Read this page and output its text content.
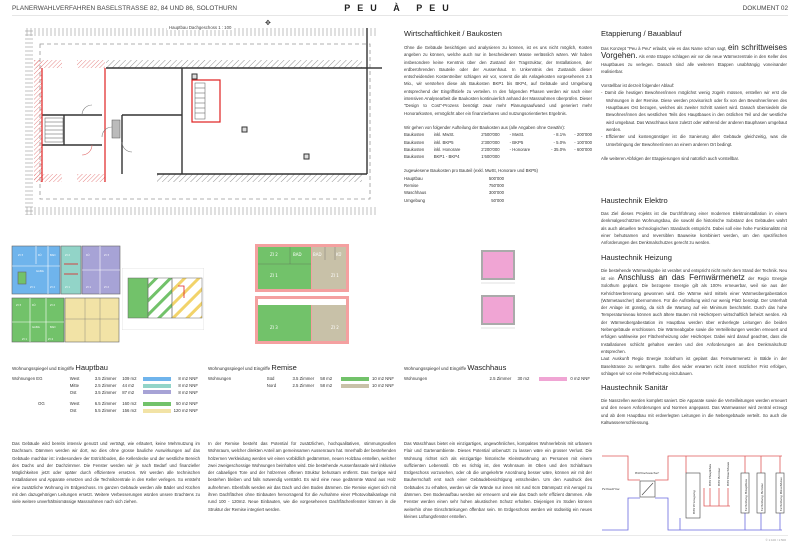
PLANERWAHLVERFAHREN BASELSTRASSE 82, 84 UND 86, SOLOTHURN	PEU À PEU	DOKUMENT 02
Hauptbau Dachgeschoss 1 : 100
✥
Wirtschaftlichkeit / Baukosten

Ohne die Gebäude besichtigen und analysieren zu können, ist es uns nicht möglich, Kosten angeben zu können, welche auch nur in bescheidenem Masse verlässlich wären. Wir haben insbesondere keine Kenntnis über den Zustand der Tragstruktur, der Installationen, der erdberührenden Bauteile oder der Aussenhaut. In Unkenntnis des Zustands dieser entscheidenden Kostentreiber schlagen wir vor, vorerst die als Anlagekosten vorgesehenen 2.5 Mio., wir verstehen diese als Baukosten BKP1 bis BKP4, auf Gebäude und Umgebung entsprechend der Eingriffstiefe zu verteilen. In den folgenden Phasen werden wir nach einer intensiven Analysearbeit die Baukosten kontinuierlich anhand der Massnahmen überprüfen. Dieser "Design to Cost"-Prozess benötigt zwar mehr Planungsaufwand und generiert mehr Honorarkosten, ermöglicht aber ein finanzierbares und nutzungsorientiertes Ergebnis.

Wir gehen von folgender Aufteilung der Baukosten aus (alle Angaben ohne Gewähr):

Baukosten	inkl. MwSt.	2'500'000	- MwSt.	- 8.1%	- 200'000
Baukosten	inkl. BKP5	2'300'000	- BKP5	- 5.0%	- 100'000
Baukosten	inkl. Honorare	2'200'000	- Honorare	- 35.0%	- 600'000
Baukosten	BKP1 - BKP4	1'600'000			

zugewiesene Baukosten pro Bauteil (exkl. MwSt, Honorare und BKP5)

Hauptbau	500'000
Remise	750'000
Waschhaus	300'000
Umgebung	50'000
Etappierung / Bauablauf

Das Konzept "Peu à Peu" erlaubt, wie es das Name schon sagt, ein schrittweises Vorgehen. Als erste Etappe schlagen wir vor die neue Wärmezentrale in den Keller des Hauptbaues zu verlegen. Danach sind alle weiteren Etappen unabhängig voneinander realisierbar.

Vorstellbar ist derzeit folgender Ablauf:

- Damit die heutigen Bewohner/innen möglichst wenig zügeln müssen, erstellen wir erst die Wohnungen in der Remise. Diese werden provisorisch oder fix von den Bewohner/innen des Hauptbaues Ost bezogen, welches als zweiter Schritt saniert wird. Danach übersiedeln die Bewohner/innen des westlichen Teils des Hauptbaues in den östlichen Teil und der westliche wird umgebaut. Das Waschhaus kann zuletzt oder während der anderen Bauphasen umgebaut werden.
- Effizienter und kostengünstiger ist die Sanierung aller Gebäude gleichzeitig, was die Unterbringung der Bewohner/innen an einem anderen Ort bedingt.

Alle weiteren Abfolgen der Etappierungen sind natürlich auch vorstellbar.

Haustechnik Elektro

Das Ziel dieses Projekts ist die Durchführung einer modernen Elektroinstallation in einem denkmalgeschützten Wohnungsbau, die sowohl die historische Substanz des Gebäudes wahrt als auch aktuellen technologischen Standards entspricht. Dabei soll eine hohe Funktionalität mit einer behutsamen und reversiblen Bauweise kombiniert werden, um den spezifischen Anforderungen des Denkmalschutzes gerecht zu werden.

Haustechnik Heizung

Die bestehende Wärmeabgabe ist veraltet und entspricht nicht mehr dem Stand der Technik. Neu ist ein Anschluss an das Fernwärmenetz der Regio Energie Solothurn geplant. Die bezogene Energie gilt als 100% erneuerbar, weil sie aus der Kehrichtverbrennung gewonnen wird. Die Wärme wird mittels einer Wärmeübergabestation (Wärmetauscher) übernommen. Für die Aufstellung wird nur wenig Platz benötigt. Der Unterhalt der Anlage ist günstig, da sich die Wartung auf ein Minimum beschränkt. Durch das hohe Temperaturniveau können auch ältere Bauten mit Heizkörpern wirtschaftlich beheizt werden. Ab der Wärmeübergabestation im Hauptbau werden über erdverlegte Leitungen die beiden Nebengebäude erschlossen. Die Wärmeabgabe sowie die Verteilleitungen werden erneuert und erfolgen wahlweise per Flächenheizung oder Heizkörper. Dabei wird darauf geachtet, dass die Installationen schlicht gehalten werden und den Anforderungen an den Denkmalschutz entsprechen.

Laut Auskunft Regio Energie Solothurn ist geplant das Fernwärmenetz in Bälde in der Baselstrasse zu verlängern. Sollte dies wider erwarten nicht innert nützlicher Frist erfolgen, schlagen wir vor eine Pelletheizung einzubauen.

Haustechnik Sanitär

Die Nasszellen werden komplett saniert. Die Apparate sowie die Verteilleitungen werden erneuert und den neuen Anforderungen und Normen angepasst. Das Warmwasser wird zentral erzeugt und ab dem Hauptbau mit erdverlegten Leitungen in die Nebengebäude verteilt. So auch die Kaltwassererschliessung.

Fernwärme
Wärmetauscher
WW Erzeugung
WW Hauptbau WW Remise WW Waschhaus
Verteilung Hauptbau	Verteilung Remise	Verteilung Waschhaus
ZI 3	KÜ	BAD
GANG
ZI 1	ZI 2
ZI 2
ZI 1
KÜ	ZI 3
ZI 1	ZI 2
ZI 3	KÜ	ZI 2
GANG	BAD
ZI 1	ZI 4
ZI 2	BAD	BAD	KÜ
ZI 1	ZI 1
ZI 3	ZI 2
Wohnungsspiegel und Eingriffe Hauptbau
Wohnungen EG	West	3.5 Zimmer	109 m2		8 m2 NNF
	Mitte	2.5 Zimmer	44 m2		8 m2 NNF
	Ost	3.5 Zimmer	87 m2		8 m2 NNF

OG	West	6.5 Zimmer	160 m2		50 m2 NNF
	Ost	5.5 Zimmer	156 m2		120 m2 NNF
Wohnungsspiegel und Eingriffe Remise
Wohnungen	Süd	3.5 Zimmer	58 m2		10 m2 NNF
	Nord	2.5 Zimmer	58 m2		10 m2 NNF
Wohnungsspiegel und Eingriffe Waschhaus
Wohnungen		2.5 Zimmer	30 m2		0 m2 NNF

Das Gebäude wird bereits intensiv genutzt und verträgt, wie erläutert, keine Mehrnutzung im Dachraum. Dämmen werden wir dort, wo dies ohne grosse bauliche Auswirkungen auf das Gebäude machbar ist: insbesondere der Estrichboden, die Kellerdecke und der westliche Bereich des Dachs und der Dachzimmer. Die Fenster werden wir je nach Bedarf und finanzieller Möglichkeiten jetzt oder später durch effizientere ersetzen. Wir werden alle technischen Installationen und Apparate ersetzen und die Technikzentrale in den Keller verlegen. So entsteht eine zusätzliche Wohnung im Erdgeschoss. Im ganzen Gebäude werden alle Bäder und Küchen mit den dazugehörigen Leitungen ersetzt. Weitere Verbesserungen würden unsere Erachtens zu viele weitere unverhältnismässige Massnahmen nach sich ziehen.

In der Remise besteht das Potential für zusätzlichen, hochqualitativen, stimmungsvollen Wohnraum, welcher direkten Anteil am gemeinsamen Aussenraum hat. Innerhalb der bestehenden hölzernen Verkleidung werden wir einen vorbildlich gedämmten, neuen Holzbau erstellen, welcher zwei zweigeschossige Wohnungen beinhalten wird. Die bestehende Aussenfassade wird inklusive der cabaeligen Tore und der hölzernen offenen Struktur behutsam entfernt. Das Gerippe wird bestehen bleiben und falls notwendig verstärkt. Es wird eine neue gedämmte Wand aus Holz aufnehmen. Ebenfalls werden wir das Dach und den Boden dämmen. Die Remise eignet sich mit ihren Dachflächen ohne Einbauten hervorragend für die Aufnahme einer Photovoltaikanlage mit rund 100 - 120m2. Neue Einbauten, wie die vorgesehenen Dachflächenfenster können in die Struktur der Remise integriert werden.

Das Waschhaus bietet ein einzigartiges, ungewöhnliches, kompaktes Wohnerlebnis mit urbanem Flair und Gartenambiente. Dieses Potential unbenutzt zu lassen wäre ein grosser Verlust. Die Wohnung richtet sich als einzigartige historische Kleinstwohnung an Personen mit einem suffizienten Lebensstil. Ob es richtig ist, den Wohnraum im Oben und den Schlafraum Erdgeschoss vorzusehen, oder ob die umgekehrte Anordnung besser wäre, können wir mit der Bauherrschaft erst nach einer Gebäudebesichtigung entscheiden. Um den Ausdruck des Gebäudes zu erhalten, werden wir die Wände nur innen mit rund 6cm Dämmputz mit Aerogel zu dämmen. Den Bodenaufbau werden wir erneuern und wie das Dach sehr effizient dämmen. Alle Fenster werden einen sehr hohen akustischen Schutz erhalten. Diejenigen im Süden können weiterhin ohne Einschränkungen öffenbar sein. Im Erdgeschoss werden wir südseitig ein neues kleines Lüftungsfenster erstellen.

© 1:100 / 1:500
